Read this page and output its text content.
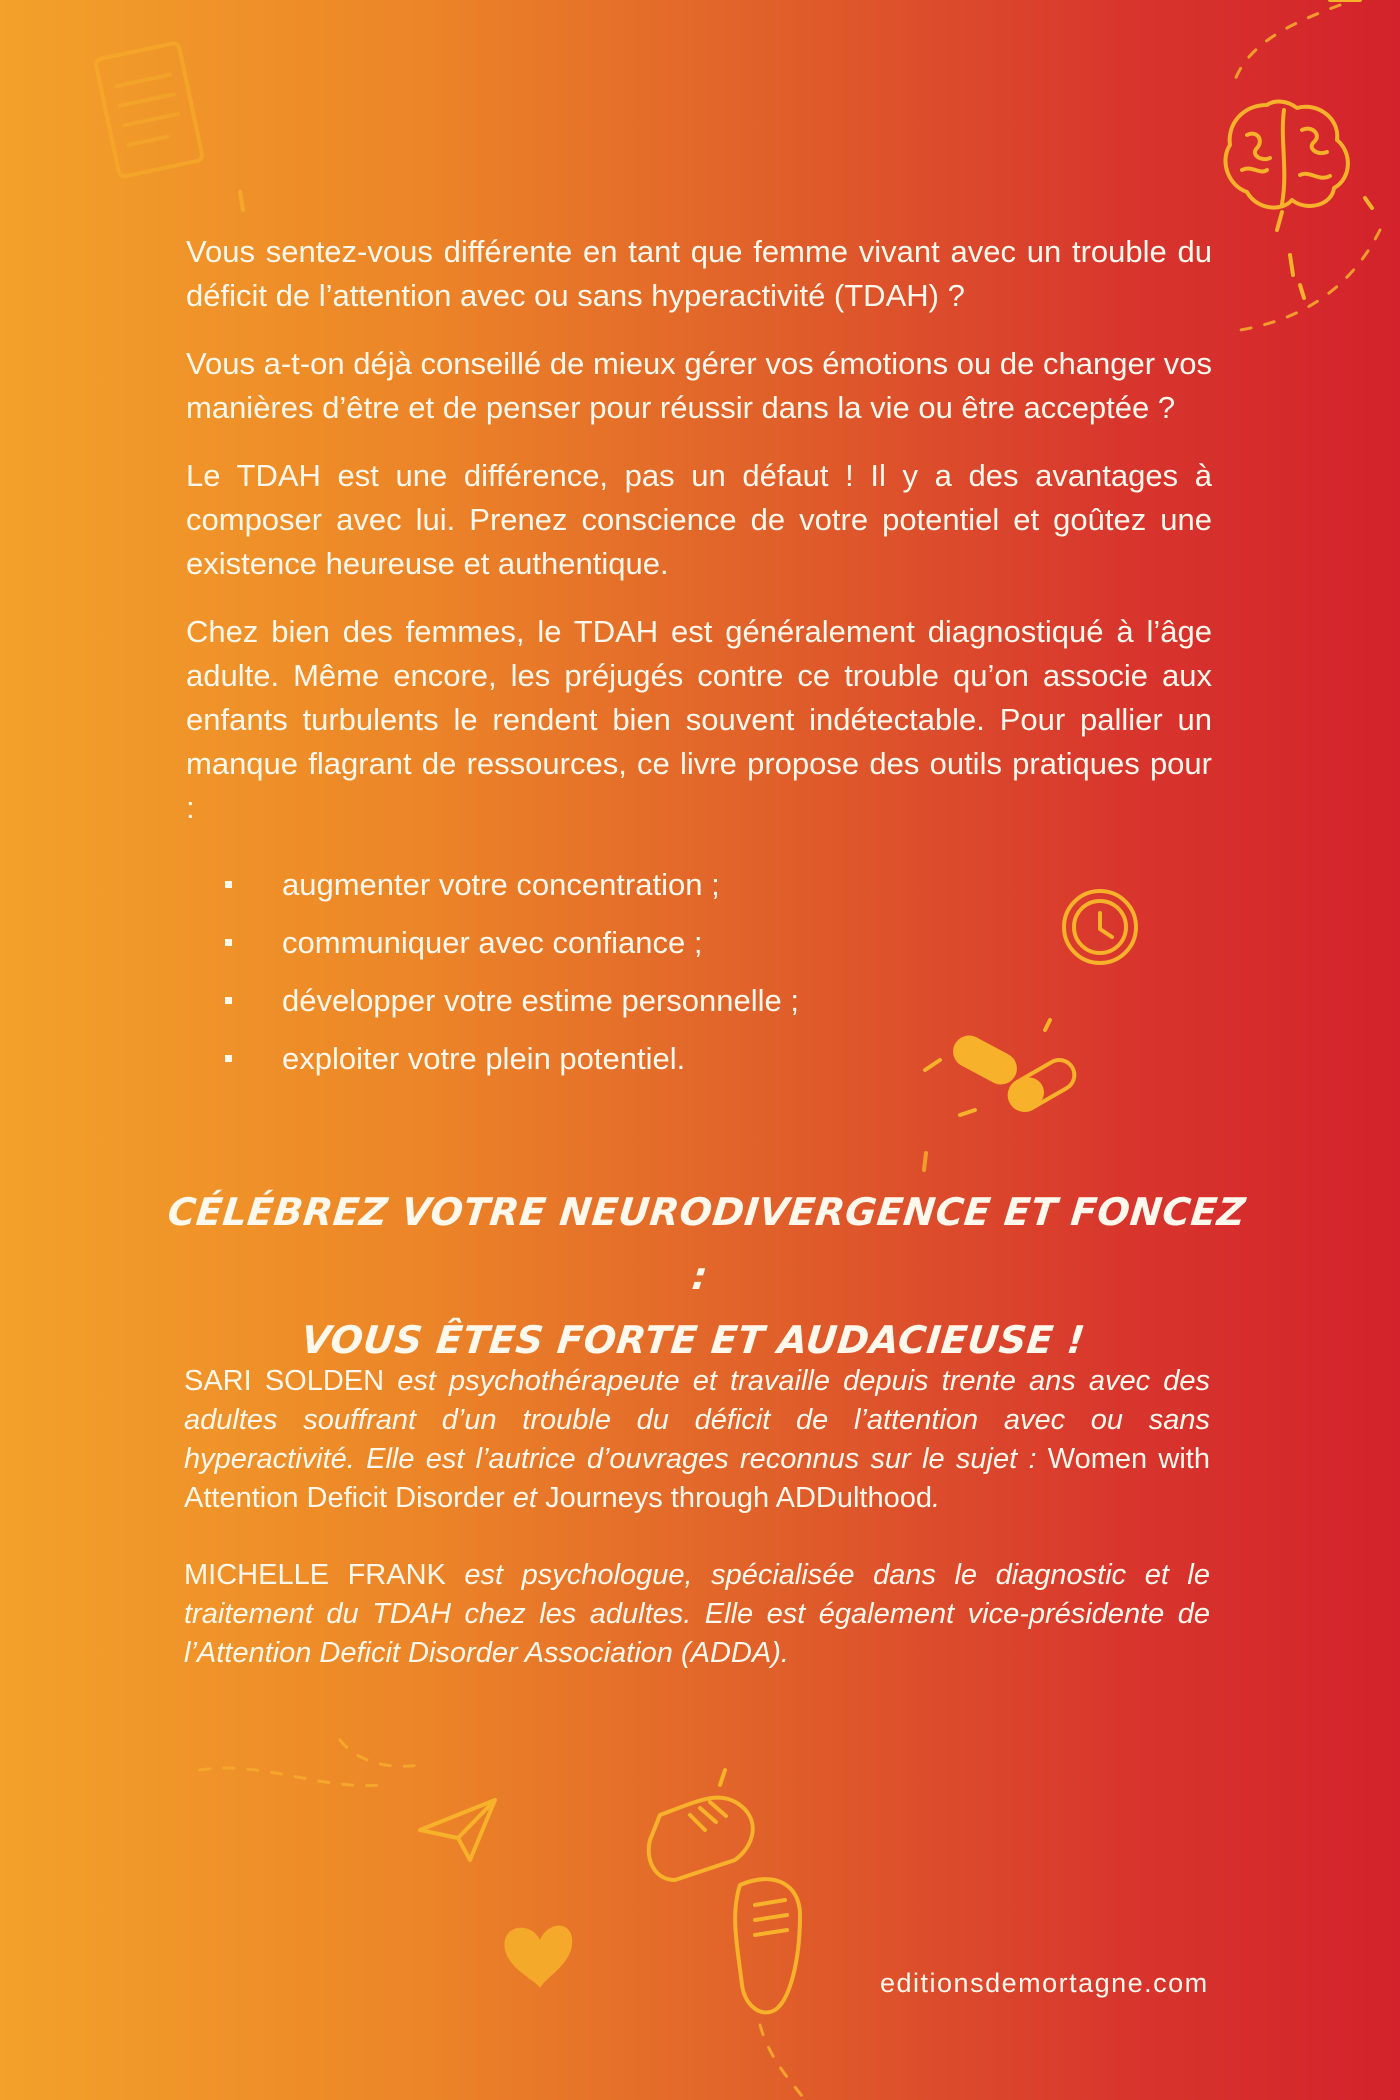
Vous sentez-vous différente en tant que femme vivant avec un trouble du déficit de l’attention avec ou sans hyperactivité (TDAH) ?

Vous a-t-on déjà conseillé de mieux gérer vos émotions ou de changer vos manières d’être et de penser pour réussir dans la vie ou être acceptée ?

Le TDAH est une différence, pas un défaut ! Il y a des avantages à composer avec lui. Prenez conscience de votre potentiel et goûtez une existence heureuse et authentique.

Chez bien des femmes, le TDAH est généralement diagnostiqué à l’âge adulte. Même encore, les préjugés contre ce trouble qu’on associe aux enfants turbulents le rendent bien souvent indétectable. Pour pallier un manque flagrant de ressources, ce livre propose des outils pratiques pour :

augmenter votre concentration ;
communiquer avec confiance ;
développer votre estime personnelle ;
exploiter votre plein potentiel.
CÉLÉBREZ VOTRE NEURODIVERGENCE ET FONCEZ :
VOUS ÊTES FORTE ET AUDACIEUSE !

SARI SOLDEN est psychothérapeute et travaille depuis trente ans avec des adultes souffrant d’un trouble du déficit de l’attention avec ou sans hyperactivité. Elle est l’autrice d’ouvrages reconnus sur le sujet : Women with Attention Deficit Disorder et Journeys through ADDulthood.

MICHELLE FRANK est psychologue, spécialisée dans le diagnostic et le traitement du TDAH chez les adultes. Elle est également vice-présidente de l’Attention Deficit Disorder Association (ADDA).

editionsdemortagne.com
